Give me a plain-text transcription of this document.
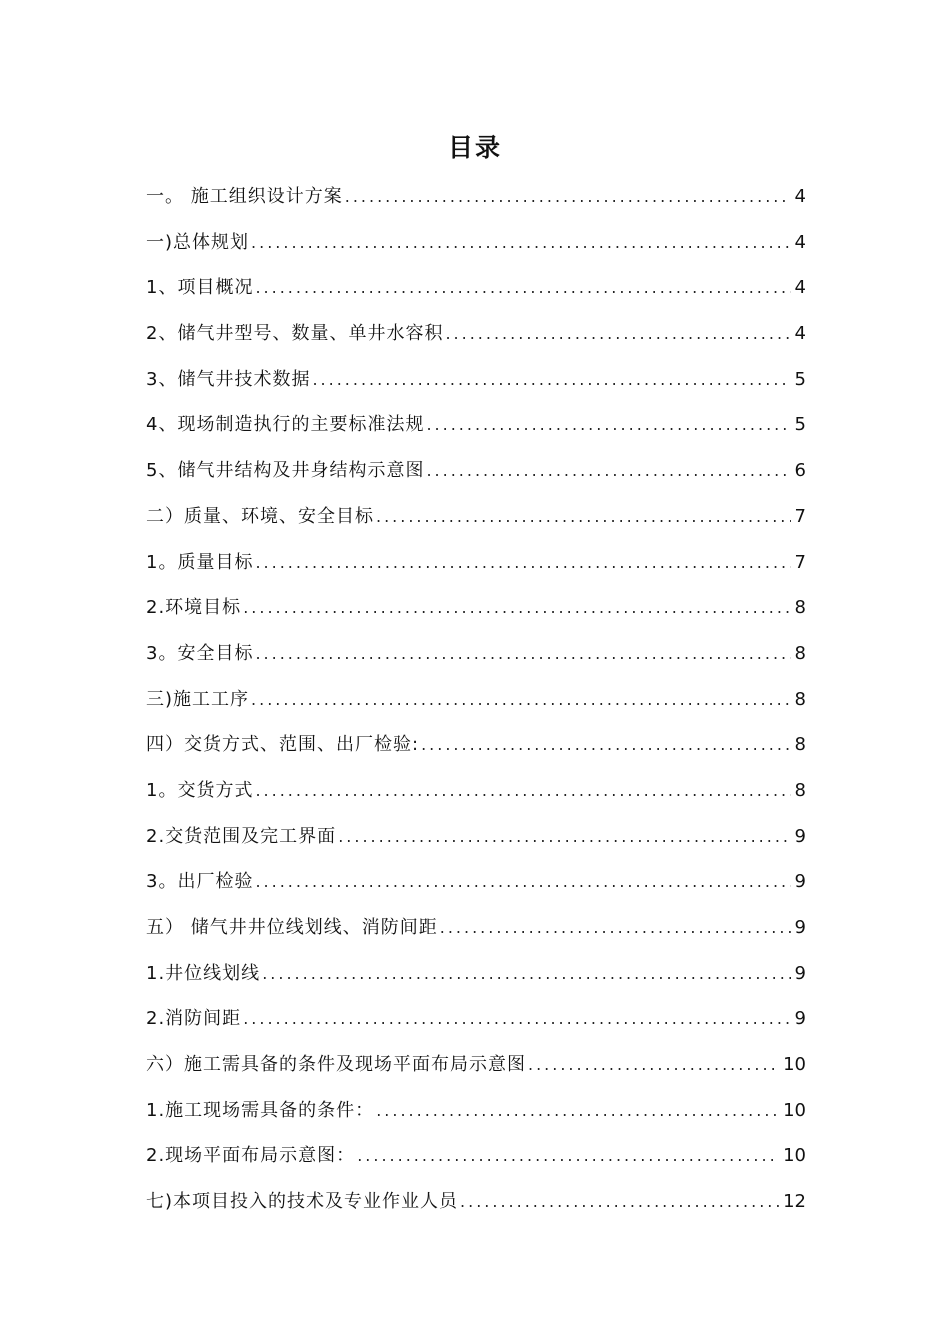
目录
一。 施工组织设计方案 .....	4
一)总体规划 .....	4
1、项目概况 .....	4
2、储气井型号、数量、单井水容积 .....	4
3、储气井技术数据 .....	5
4、现场制造执行的主要标准法规 .....	5
5、储气井结构及井身结构示意图 .....	6
二）质量、环境、安全目标 .....	7
1。质量目标 .....	7
2.环境目标 .....	8
3。安全目标 .....	8
三)施工工序 .....	8
四）交货方式、范围、出厂检验: .....	8
1。交货方式 .....	8
2.交货范围及完工界面 .....	9
3。出厂检验 .....	9
五） 储气井井位线划线、消防间距 .....	9
1.井位线划线 .....	9
2.消防间距 .....	9
六）施工需具备的条件及现场平面布局示意图 .....	10
1.施工现场需具备的条件： .....	10
2.现场平面布局示意图： .....	10
七)本项目投入的技术及专业作业人员 .....	12
